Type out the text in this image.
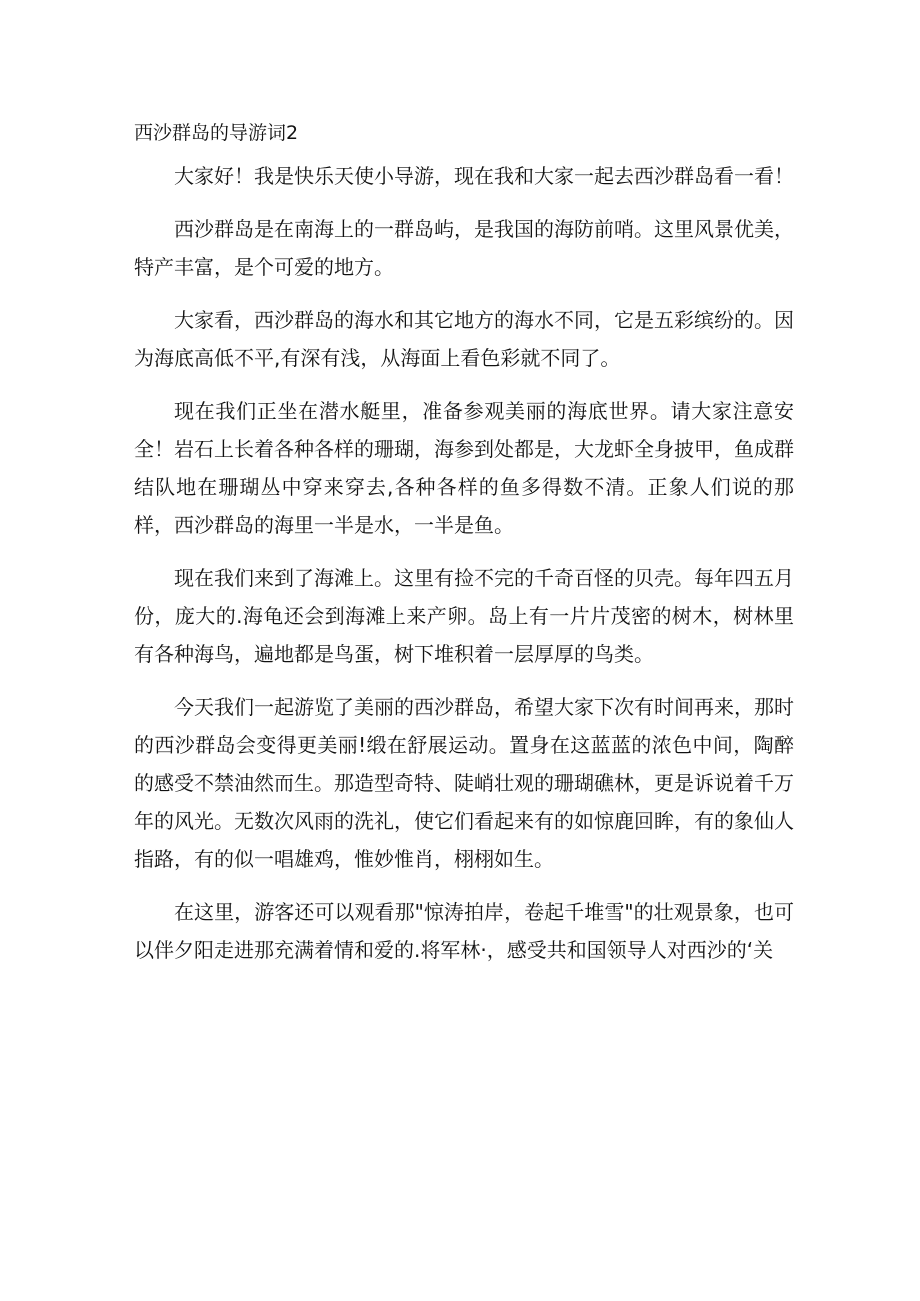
西沙群岛的导游词2

大家好！我是快乐天使小导游，现在我和大家一起去西沙群岛看一看！

西沙群岛是在南海上的一群岛屿，是我国的海防前哨。这里风景优美，特产丰富，是个可爱的地方。

大家看，西沙群岛的海水和其它地方的海水不同，它是五彩缤纷的。因为海底高低不平,有深有浅，从海面上看色彩就不同了。

现在我们正坐在潜水艇里，准备参观美丽的海底世界。请大家注意安全！岩石上长着各种各样的珊瑚，海参到处都是，大龙虾全身披甲，鱼成群结队地在珊瑚丛中穿来穿去,各种各样的鱼多得数不清。正象人们说的那样，西沙群岛的海里一半是水，一半是鱼。

现在我们来到了海滩上。这里有捡不完的千奇百怪的贝壳。每年四五月份，庞大的.海龟还会到海滩上来产卵。岛上有一片片茂密的树木，树林里有各种海鸟，遍地都是鸟蛋，树下堆积着一层厚厚的鸟类。

今天我们一起游览了美丽的西沙群岛，希望大家下次有时间再来，那时的西沙群岛会变得更美丽!缎在舒展运动。置身在这蓝蓝的浓色中间，陶醉的感受不禁油然而生。那造型奇特、陡峭壮观的珊瑚礁林，更是诉说着千万年的风光。无数次风雨的洗礼，使它们看起来有的如惊鹿回眸，有的象仙人指路，有的似一唱雄鸡，惟妙惟肖，栩栩如生。

在这里，游客还可以观看那"惊涛拍岸，卷起千堆雪"的壮观景象，也可以伴夕阳走进那充满着情和爱的.将军林·，感受共和国领导人对西沙的‘关
